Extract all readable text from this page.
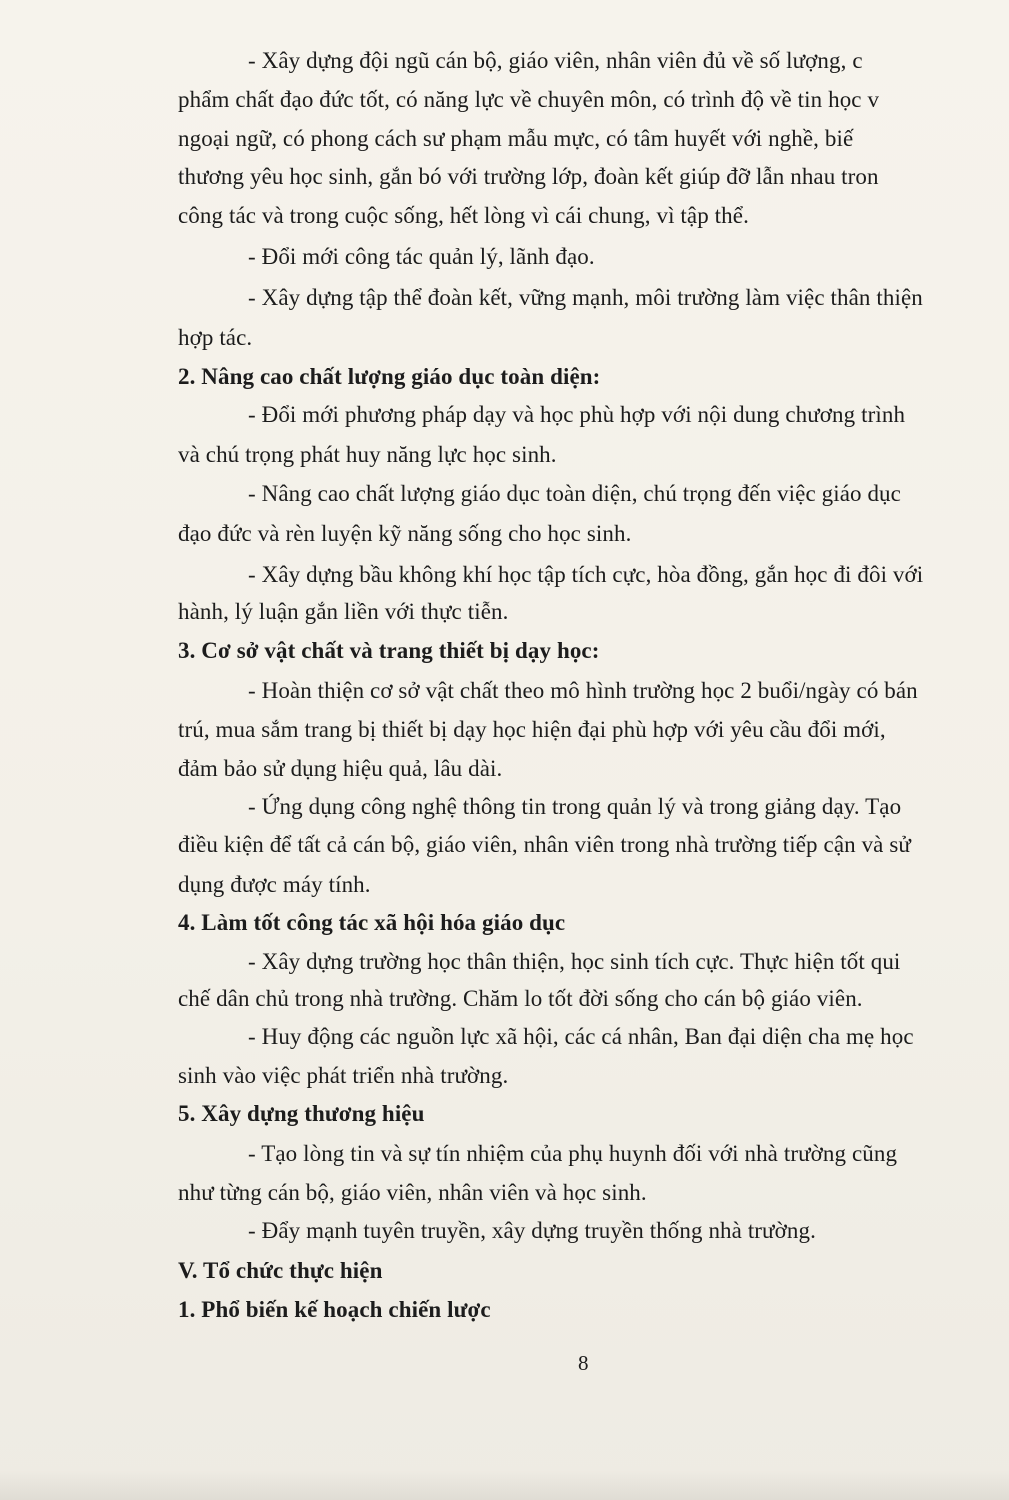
- Xây dựng đội ngũ cán bộ, giáo viên, nhân viên đủ về số lượng, c
phẩm chất đạo đức tốt, có năng lực về chuyên môn, có trình độ về tin học v
ngoại ngữ, có phong cách sư phạm mẫu mực, có tâm huyết với nghề, biế
thương yêu học sinh, gắn bó với trường lớp, đoàn kết giúp đỡ lẫn nhau tron
công tác và trong cuộc sống, hết lòng vì cái chung, vì tập thể.
- Đổi mới công tác quản lý, lãnh đạo.
- Xây dựng tập thể đoàn kết, vững mạnh, môi trường làm việc thân thiện
hợp tác.
2. Nâng cao chất lượng giáo dục toàn diện:
- Đổi mới phương pháp dạy và học phù hợp với nội dung chương trình
và chú trọng phát huy năng lực học sinh.
- Nâng cao chất lượng giáo dục toàn diện, chú trọng đến việc giáo dục
đạo đức và rèn luyện kỹ năng sống cho học sinh.
- Xây dựng bầu không khí học tập tích cực, hòa đồng, gắn học đi đôi với
hành, lý luận gắn liền với thực tiễn.
3. Cơ sở vật chất và trang thiết bị dạy học:
- Hoàn thiện cơ sở vật chất theo mô hình trường học 2 buổi/ngày có bán
trú, mua sắm trang bị thiết bị dạy học hiện đại phù hợp với yêu cầu đổi mới,
đảm bảo sử dụng hiệu quả, lâu dài.
- Ứng dụng công nghệ thông tin trong quản lý và trong giảng dạy. Tạo
điều kiện để tất cả cán bộ, giáo viên, nhân viên trong nhà trường tiếp cận và sử
dụng được máy tính.
4. Làm tốt công tác xã hội hóa giáo dục
- Xây dựng trường học thân thiện, học sinh tích cực. Thực hiện tốt qui
chế dân chủ trong nhà trường. Chăm lo tốt đời sống cho cán bộ giáo viên.
- Huy động các nguồn lực xã hội, các cá nhân, Ban đại diện cha mẹ học
sinh vào việc phát triển nhà trường.
5. Xây dựng thương hiệu
- Tạo lòng tin và sự tín nhiệm của phụ huynh đối với nhà trường cũng
như từng cán bộ, giáo viên, nhân viên và học sinh.
- Đẩy mạnh tuyên truyền, xây dựng truyền thống nhà trường.
V. Tổ chức thực hiện
1. Phổ biến kế hoạch chiến lược
8
